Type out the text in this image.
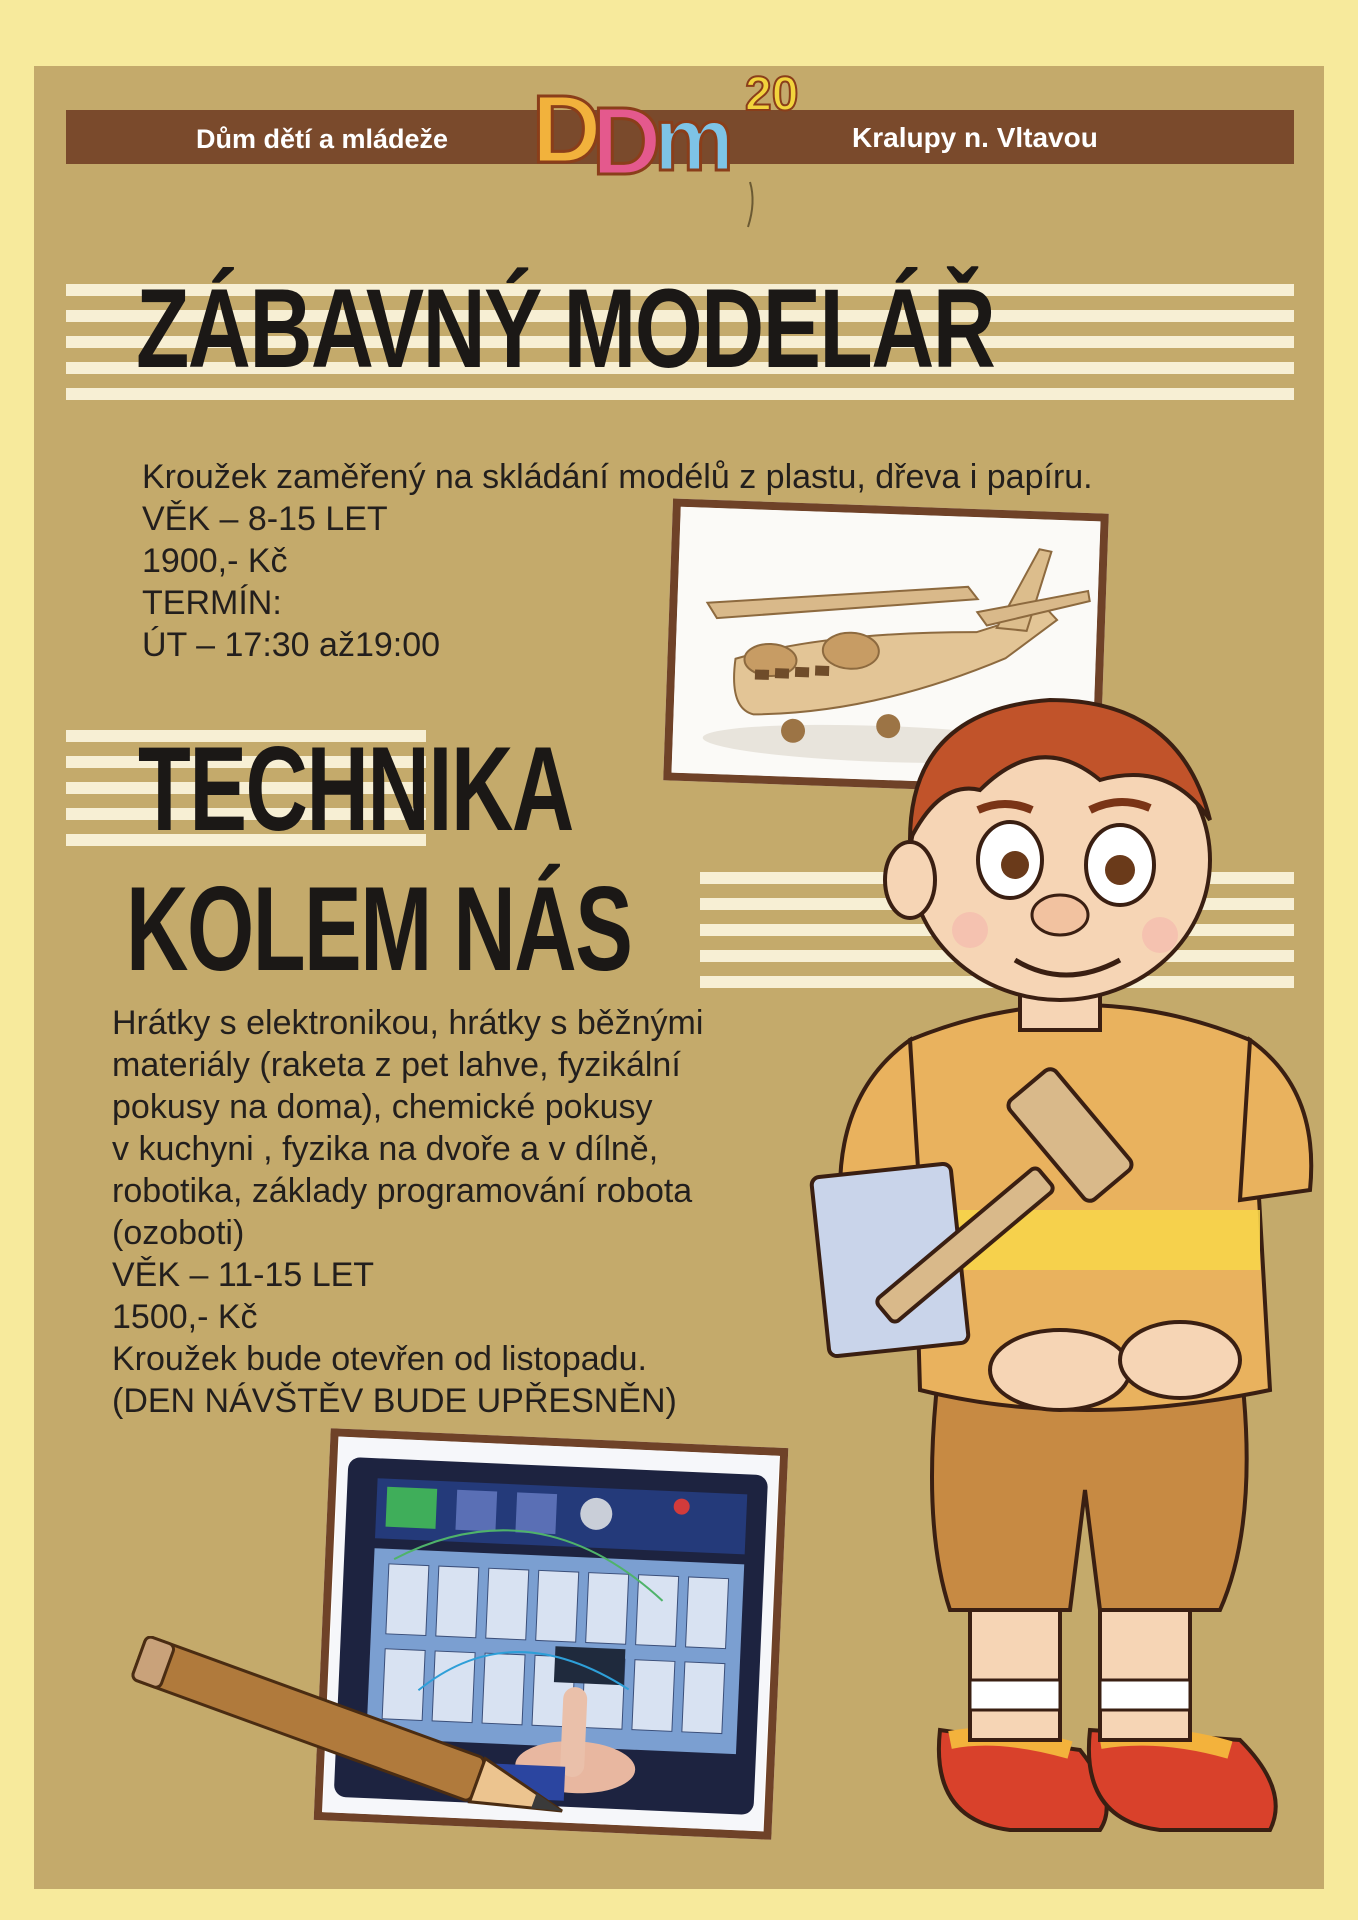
Dům dětí a mládeže	Kralupy n. Vltavou
D
D
m 20
ZÁBAVNÝ MODELÁŘ
Kroužek zaměřený na skládání modélů z plastu, dřeva i papíru.
VĚK – 8-15 LET
1900,- Kč
TERMÍN:
ÚT – 17:30 až19:00
TECHNIKA
KOLEM NÁS
Hrátky s elektronikou, hrátky s běžnými
materiály (raketa z pet lahve, fyzikální
pokusy na doma), chemické pokusy
v kuchyni , fyzika na dvoře a v dílně,
robotika, základy programování robota
(ozoboti)
VĚK – 11-15 LET
1500,- Kč
Kroužek bude otevřen od listopadu.
(DEN NÁVŠTĚV BUDE UPŘESNĚN)
